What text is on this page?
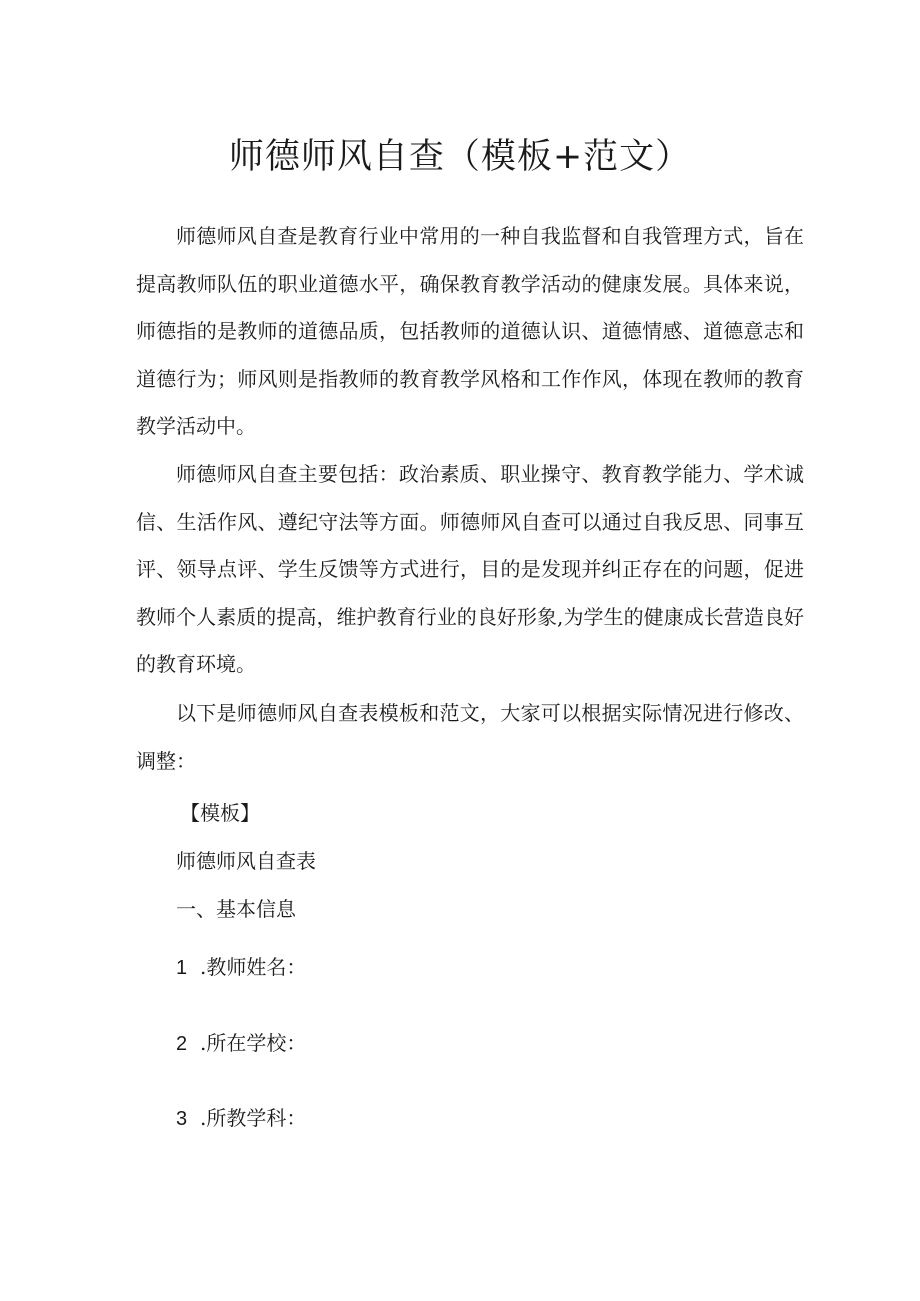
师德师风自查（模板+范文）

师德师风自查是教育行业中常用的一种自我监督和自我管理方式，旨在提高教师队伍的职业道德水平，确保教育教学活动的健康发展。具体来说，师德指的是教师的道德品质，包括教师的道德认识、道德情感、道德意志和道德行为；师风则是指教师的教育教学风格和工作作风，体现在教师的教育教学活动中。

师德师风自查主要包括：政治素质、职业操守、教育教学能力、学术诚信、生活作风、遵纪守法等方面。师德师风自查可以通过自我反思、同事互评、领导点评、学生反馈等方式进行，目的是发现并纠正存在的问题，促进教师个人素质的提高，维护教育行业的良好形象,为学生的健康成长营造良好的教育环境。

以下是师德师风自查表模板和范文，大家可以根据实际情况进行修改、调整：

【模板】
师德师风自查表
一、基本信息
1 .教师姓名：
2 .所在学校：
3 .所教学科：
